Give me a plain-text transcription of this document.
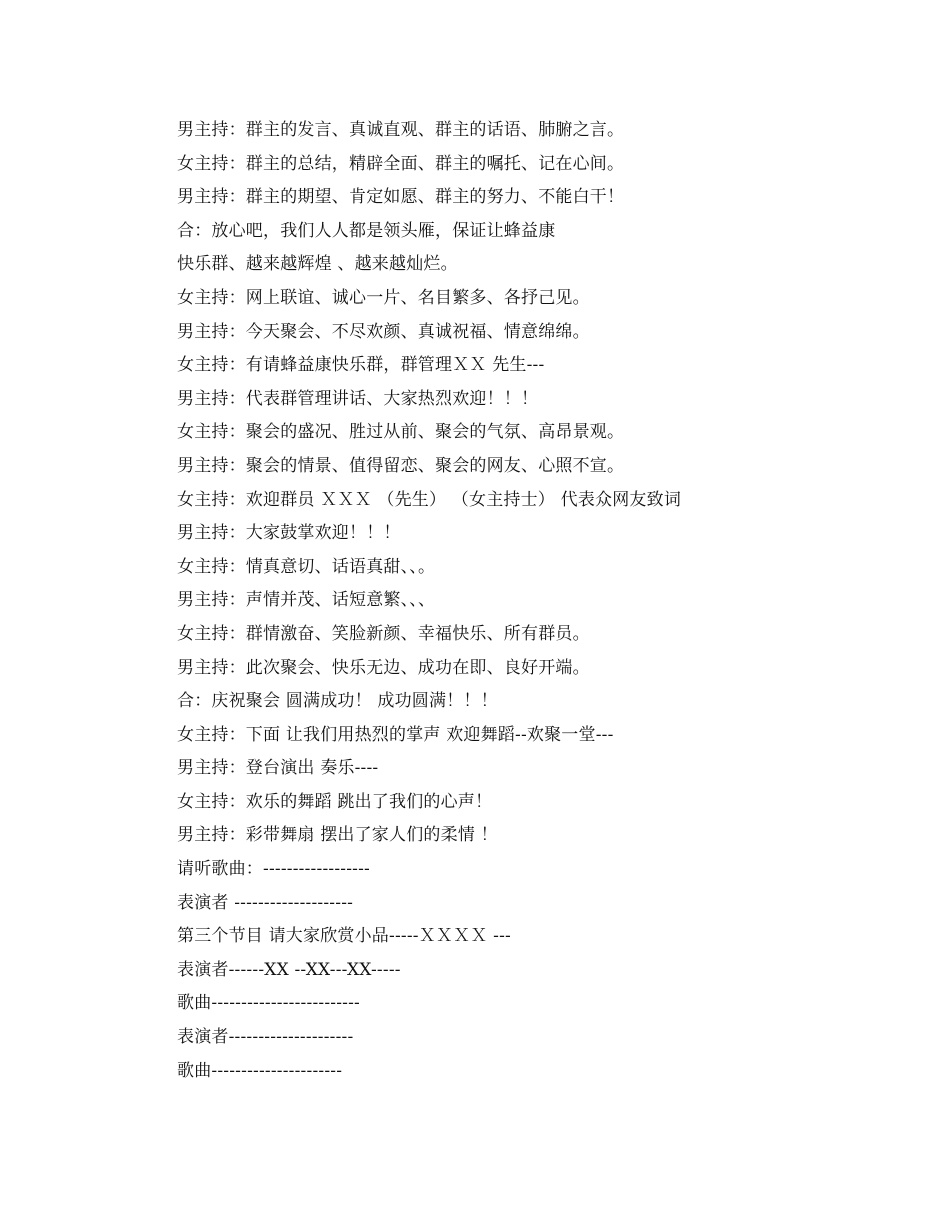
男主持：群主的发言、真诚直观、群主的话语、肺腑之言。
女主持：群主的总结，精辟全面、群主的嘱托、记在心间。
男主持：群主的期望、肯定如愿、群主的努力、不能白干！
合：放心吧，我们人人都是领头雁，保证让蜂益康
快乐群、越来越辉煌 、越来越灿烂。
女主持：网上联谊、诚心一片、名目繁多、各抒己见。
男主持：今天聚会、不尽欢颜、真诚祝福、情意绵绵。
女主持：有请蜂益康快乐群，群管理ＸＸ 先生---
男主持：代表群管理讲话、大家热烈欢迎！！！
女主持：聚会的盛况、胜过从前、聚会的气氛、高昂景观。
男主持：聚会的情景、值得留恋、聚会的网友、心照不宣。
女主持：欢迎群员 ＸＸＸ （先生） （女主持士） 代表众网友致词
男主持：大家鼓掌欢迎！！！
女主持：情真意切、话语真甜、、。
男主持：声情并茂、话短意繁、、、
女主持：群情激奋、笑脸新颜、幸福快乐、所有群员。
男主持：此次聚会、快乐无边、成功在即、良好开端。
合：庆祝聚会 圆满成功！ 成功圆满！！！
女主持：下面 让我们用热烈的掌声 欢迎舞蹈--欢聚一堂---
男主持：登台演出 奏乐----
女主持：欢乐的舞蹈 跳出了我们的心声！
男主持：彩带舞扇 摆出了家人们的柔情 ！
请听歌曲：------------------
表演者 --------------------
第三个节目 请大家欣赏小品-----ＸＸＸＸ ---
表演者------XX --XX---XX-----
歌曲-------------------------
表演者---------------------
歌曲----------------------
